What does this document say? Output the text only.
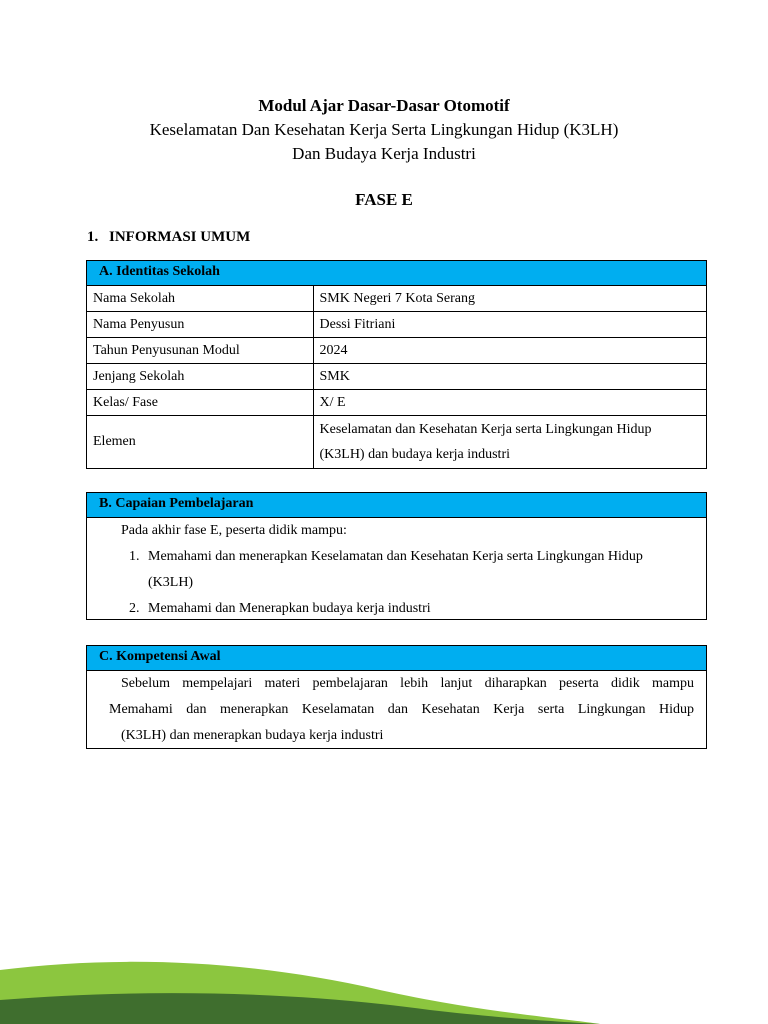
Modul Ajar Dasar-Dasar Otomotif
Keselamatan Dan Kesehatan Kerja Serta Lingkungan Hidup (K3LH)
Dan Budaya Kerja Industri
FASE E
1. INFORMASI UMUM
A. Identitas Sekolah
Nama Sekolah	SMK Negeri 7 Kota Serang
Nama Penyusun	Dessi Fitriani
Tahun Penyusunan Modul	2024
Jenjang Sekolah	SMK
Kelas/ Fase	X/ E
Elemen	Keselamatan dan Kesehatan Kerja serta Lingkungan Hidup
(K3LH) dan budaya kerja industri
B. Capaian Pembelajaran
Pada akhir fase E, peserta didik mampu:
1. Memahami dan menerapkan Keselamatan dan Kesehatan Kerja serta Lingkungan Hidup
(K3LH)
2. Memahami dan Menerapkan budaya kerja industri
C. Kompetensi Awal
Sebelum mempelajari materi pembelajaran lebih lanjut diharapkan peserta didik mampu
Memahami dan menerapkan Keselamatan dan Kesehatan Kerja serta Lingkungan Hidup
(K3LH) dan menerapkan budaya kerja industri
